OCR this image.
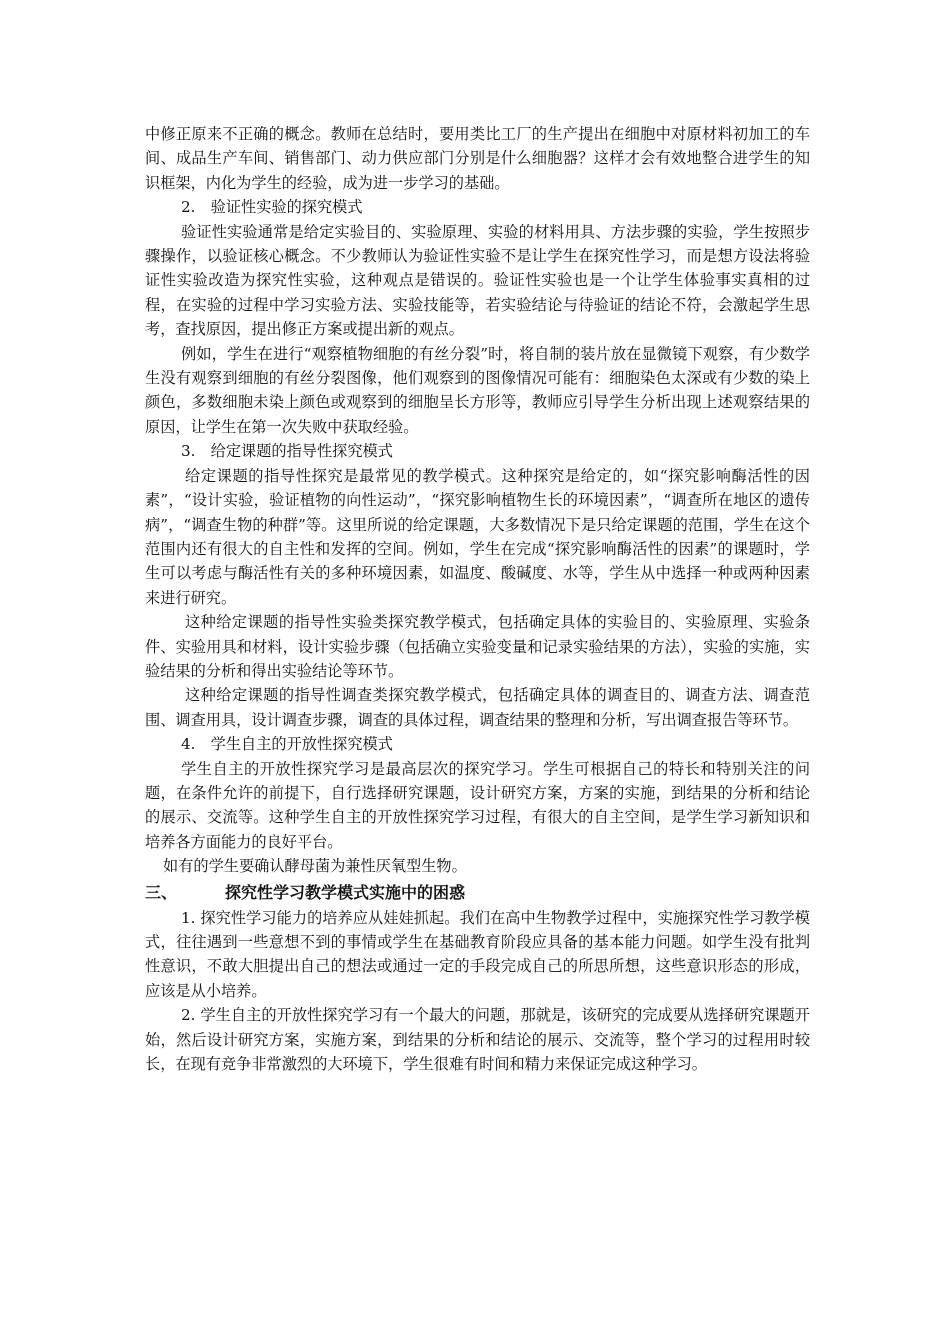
中修正原来不正确的概念。教师在总结时，要用类比工厂的生产提出在细胞中对原材料初加工的车间、成品生产车间、销售部门、动力供应部门分别是什么细胞器？这样才会有效地整合进学生的知识框架，内化为学生的经验，成为进一步学习的基础。

2.　验证性实验的探究模式

验证性实验通常是给定实验目的、实验原理、实验的材料用具、方法步骤的实验，学生按照步骤操作，以验证核心概念。不少教师认为验证性实验不是让学生在探究性学习，而是想方设法将验证性实验改造为探究性实验，这种观点是错误的。验证性实验也是一个让学生体验事实真相的过程，在实验的过程中学习实验方法、实验技能等，若实验结论与待验证的结论不符，会激起学生思考，查找原因，提出修正方案或提出新的观点。

例如，学生在进行“观察植物细胞的有丝分裂”时，将自制的装片放在显微镜下观察，有少数学生没有观察到细胞的有丝分裂图像，他们观察到的图像情况可能有：细胞染色太深或有少数的染上颜色，多数细胞未染上颜色或观察到的细胞呈长方形等，教师应引导学生分析出现上述观察结果的原因，让学生在第一次失败中获取经验。

3.　给定课题的指导性探究模式

给定课题的指导性探究是最常见的教学模式。这种探究是给定的，如“探究影响酶活性的因素”，“设计实验，验证植物的向性运动”，“探究影响植物生长的环境因素”，“调查所在地区的遗传病”，“调查生物的种群”等。这里所说的给定课题，大多数情况下是只给定课题的范围，学生在这个范围内还有很大的自主性和发挥的空间。例如，学生在完成“探究影响酶活性的因素”的课题时，学生可以考虑与酶活性有关的多种环境因素，如温度、酸碱度、水等，学生从中选择一种或两种因素来进行研究。

这种给定课题的指导性实验类探究教学模式，包括确定具体的实验目的、实验原理、实验条件、实验用具和材料，设计实验步骤（包括确立实验变量和记录实验结果的方法），实验的实施，实验结果的分析和得出实验结论等环节。

这种给定课题的指导性调查类探究教学模式，包括确定具体的调查目的、调查方法、调查范围、调查用具，设计调查步骤，调查的具体过程，调查结果的整理和分析，写出调查报告等环节。

4.　学生自主的开放性探究模式

学生自主的开放性探究学习是最高层次的探究学习。学生可根据自己的特长和特别关注的问题，在条件允许的前提下，自行选择研究课题，设计研究方案，方案的实施，到结果的分析和结论的展示、交流等。这种学生自主的开放性探究学习过程，有很大的自主空间，是学生学习新知识和培养各方面能力的良好平台。

如有的学生要确认酵母菌为兼性厌氧型生物。

三、	探究性学习教学模式实施中的困惑

1. 探究性学习能力的培养应从娃娃抓起。我们在高中生物教学过程中，实施探究性学习教学模式，往往遇到一些意想不到的事情或学生在基础教育阶段应具备的基本能力问题。如学生没有批判性意识，不敢大胆提出自己的想法或通过一定的手段完成自己的所思所想，这些意识形态的形成，应该是从小培养。

2. 学生自主的开放性探究学习有一个最大的问题，那就是，该研究的完成要从选择研究课题开始，然后设计研究方案，实施方案，到结果的分析和结论的展示、交流等，整个学习的过程用时较长，在现有竞争非常激烈的大环境下，学生很难有时间和精力来保证完成这种学习。
